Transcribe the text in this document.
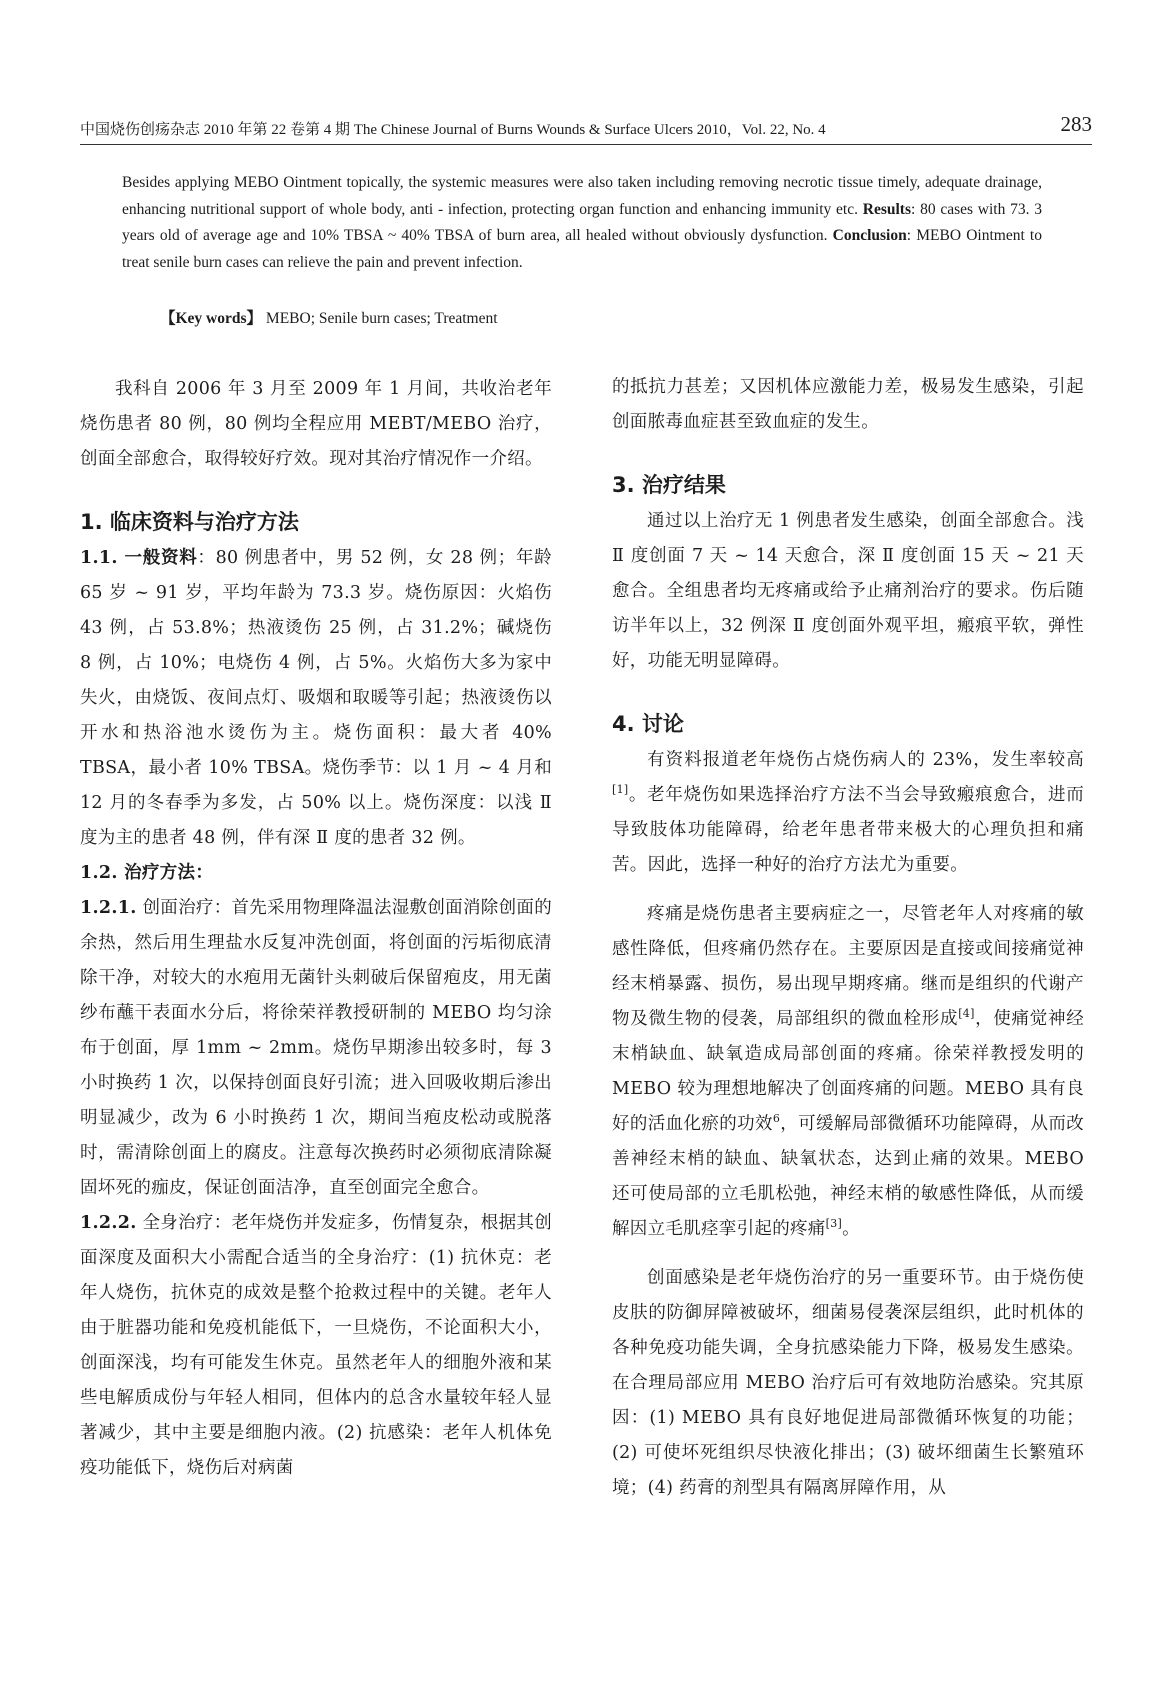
中国烧伤创疡杂志 2010 年第 22 卷第 4 期 The Chinese Journal of Burns Wounds & Surface Ulcers 2010，Vol. 22, No. 4	283
Besides applying MEBO Ointment topically, the systemic measures were also taken including removing necrotic tissue timely, adequate drainage, enhancing nutritional support of whole body, anti - infection, protecting organ function and enhancing immunity etc. Results: 80 cases with 73. 3 years old of average age and 10% TBSA ~ 40% TBSA of burn area, all healed without obviously dysfunction. Conclusion: MEBO Ointment to treat senile burn cases can relieve the pain and prevent infection.
【Key words】 MEBO; Senile burn cases; Treatment

我科自 2006 年 3 月至 2009 年 1 月间，共收治老年烧伤患者 80 例，80 例均全程应用 MEBT/MEBO 治疗，创面全部愈合，取得较好疗效。现对其治疗情况作一介绍。

1. 临床资料与治疗方法

1.1. 一般资料：80 例患者中，男 52 例，女 28 例；年龄 65 岁 ~ 91 岁，平均年龄为 73.3 岁。烧伤原因：火焰伤 43 例，占 53.8%；热液烫伤 25 例，占 31.2%；碱烧伤 8 例，占 10%；电烧伤 4 例，占 5%。火焰伤大多为家中失火，由烧饭、夜间点灯、吸烟和取暖等引起；热液烫伤以开水和热浴池水烫伤为主。烧伤面积：最大者 40% TBSA，最小者 10% TBSA。烧伤季节：以 1 月 ~ 4 月和 12 月的冬春季为多发，占 50% 以上。烧伤深度：以浅 Ⅱ 度为主的患者 48 例，伴有深 Ⅱ 度的患者 32 例。

1.2. 治疗方法：

1.2.1. 创面治疗：首先采用物理降温法湿敷创面消除创面的余热，然后用生理盐水反复冲洗创面，将创面的污垢彻底清除干净，对较大的水疱用无菌针头刺破后保留疱皮，用无菌纱布蘸干表面水分后，将徐荣祥教授研制的 MEBO 均匀涂布于创面，厚 1mm ~ 2mm。烧伤早期渗出较多时，每 3 小时换药 1 次，以保持创面良好引流；进入回吸收期后渗出明显减少，改为 6 小时换药 1 次，期间当疱皮松动或脱落时，需清除创面上的腐皮。注意每次换药时必须彻底清除凝固坏死的痂皮，保证创面洁净，直至创面完全愈合。

1.2.2. 全身治疗：老年烧伤并发症多，伤情复杂，根据其创面深度及面积大小需配合适当的全身治疗：(1) 抗休克：老年人烧伤，抗休克的成效是整个抢救过程中的关键。老年人由于脏器功能和免疫机能低下，一旦烧伤，不论面积大小，创面深浅，均有可能发生休克。虽然老年人的细胞外液和某些电解质成份与年轻人相同，但体内的总含水量较年轻人显著减少，其中主要是细胞内液。(2) 抗感染：老年人机体免疫功能低下，烧伤后对病菌

的抵抗力甚差；又因机体应激能力差，极易发生感染，引起创面脓毒血症甚至致血症的发生。

3. 治疗结果

通过以上治疗无 1 例患者发生感染，创面全部愈合。浅 Ⅱ 度创面 7 天 ~ 14 天愈合，深 Ⅱ 度创面 15 天 ~ 21 天愈合。全组患者均无疼痛或给予止痛剂治疗的要求。伤后随访半年以上，32 例深 Ⅱ 度创面外观平坦，瘢痕平软，弹性好，功能无明显障碍。

4. 讨论

有资料报道老年烧伤占烧伤病人的 23%，发生率较高[1]。老年烧伤如果选择治疗方法不当会导致瘢痕愈合，进而导致肢体功能障碍，给老年患者带来极大的心理负担和痛苦。因此，选择一种好的治疗方法尤为重要。

疼痛是烧伤患者主要病症之一，尽管老年人对疼痛的敏感性降低，但疼痛仍然存在。主要原因是直接或间接痛觉神经末梢暴露、损伤，易出现早期疼痛。继而是组织的代谢产物及微生物的侵袭，局部组织的微血栓形成[4]，使痛觉神经末梢缺血、缺氧造成局部创面的疼痛。徐荣祥教授发明的 MEBO 较为理想地解决了创面疼痛的问题。MEBO 具有良好的活血化瘀的功效$^6$，可缓解局部微循环功能障碍，从而改善神经末梢的缺血、缺氧状态，达到止痛的效果。MEBO 还可使局部的立毛肌松弛，神经末梢的敏感性降低，从而缓解因立毛肌痉挛引起的疼痛[3]。

创面感染是老年烧伤治疗的另一重要环节。由于烧伤使皮肤的防御屏障被破坏，细菌易侵袭深层组织，此时机体的各种免疫功能失调，全身抗感染能力下降，极易发生感染。在合理局部应用 MEBO 治疗后可有效地防治感染。究其原因：(1) MEBO 具有良好地促进局部微循环恢复的功能；(2) 可使坏死组织尽快液化排出；(3) 破坏细菌生长繁殖环境；(4) 药膏的剂型具有隔离屏障作用，从
